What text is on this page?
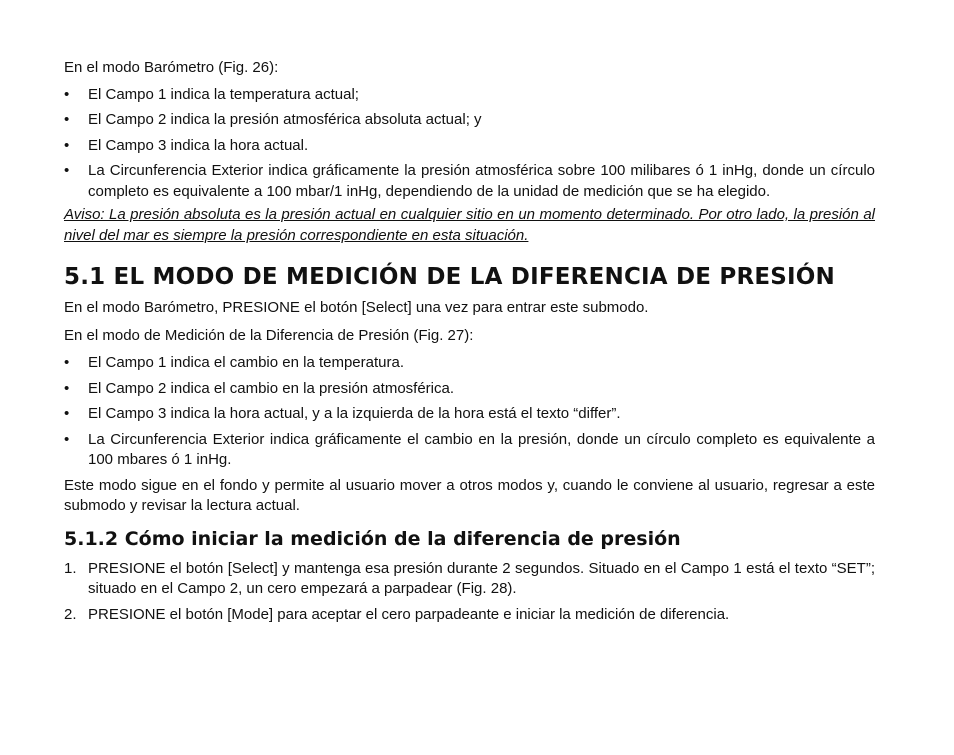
En el modo Barómetro (Fig. 26):

• El Campo 1 indica la temperatura actual;
• El Campo 2 indica la presión atmosférica absoluta actual; y
• El Campo 3 indica la hora actual.
• La Circunferencia Exterior indica gráficamente la presión atmosférica sobre 100 milibares ó 1 inHg, donde un círculo completo es equivalente a 100 mbar/1 inHg, dependiendo de la unidad de medición que se ha elegido.

Aviso: La presión absoluta es la presión actual en cualquier sitio en un momento determinado. Por otro lado, la presión al nivel del mar es siempre la presión correspondiente en esta situación.

5.1 EL MODO DE MEDICIÓN DE LA DIFERENCIA DE PRESIÓN

En el modo Barómetro, PRESIONE el botón [Select] una vez para entrar este submodo.

En el modo de Medición de la Diferencia de Presión (Fig. 27):

• El Campo 1 indica el cambio en la temperatura.
• El Campo 2 indica el cambio en la presión atmosférica.
• El Campo 3 indica la hora actual, y a la izquierda de la hora está el texto “differ”.
• La Circunferencia Exterior indica gráficamente el cambio en la presión, donde un círculo completo es equivalente a 100 mbares ó 1 inHg.

Este modo sigue en el fondo y permite al usuario mover a otros modos y, cuando le conviene al usuario, regresar a este submodo y revisar la lectura actual.

5.1.2 Cómo iniciar la medición de la diferencia de presión
1. PRESIONE el botón [Select] y mantenga esa presión durante 2 segundos. Situado en el Campo 1 está el texto “SET”; situado en el Campo 2, un cero empezará a parpadear (Fig. 28).
2. PRESIONE el botón [Mode] para aceptar el cero parpadeante e iniciar la medición de diferencia.
